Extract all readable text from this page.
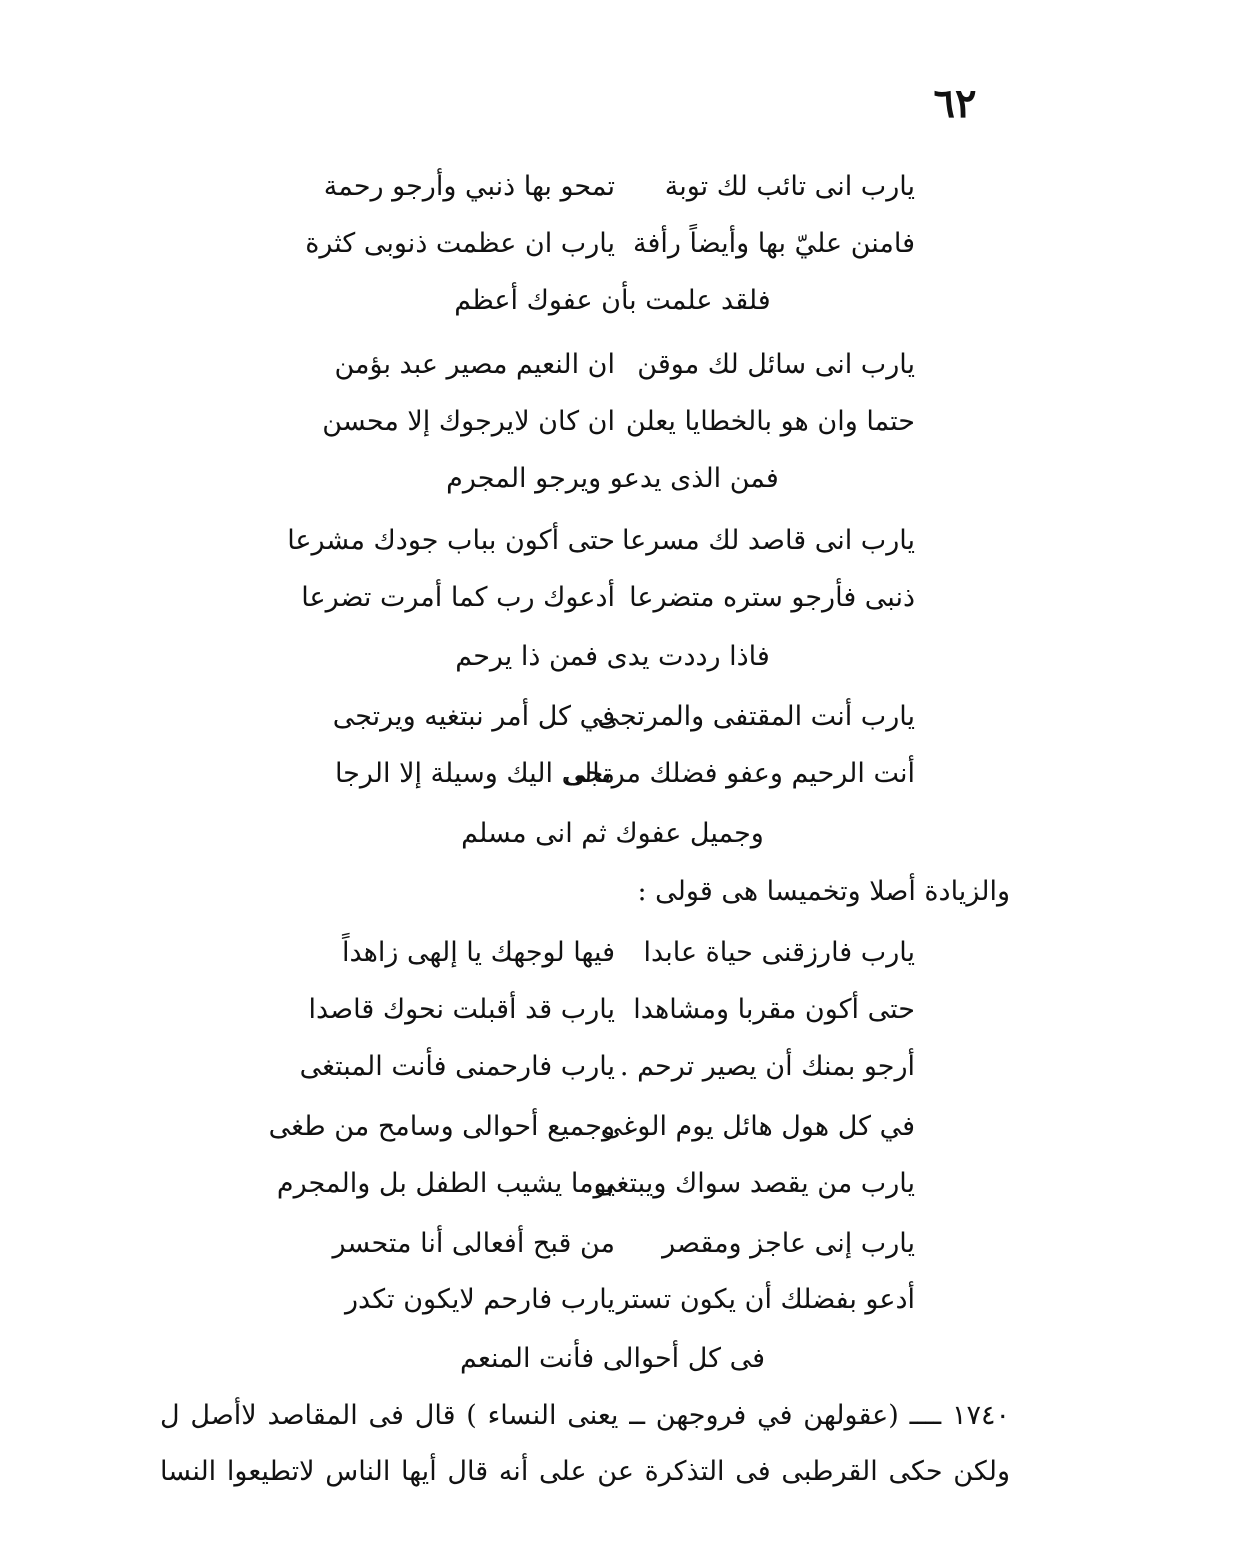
٦٢
يارب انى تائب لك توبة
تمحو بها ذنبي وأرجو رحمة
فامنن عليّ بها وأيضاً رأفة
يارب ان عظمت ذنوبى كثرة
فلقد علمت بأن عفوك أعظم
يارب انى سائل لك موقن
ان النعيم مصير عبد بؤمن
حتما وان هو بالخطايا يعلن
ان كان لايرجوك إلا محسن
فمن الذى يدعو ويرجو المجرم
يارب انى قاصد لك مسرعا
حتى أكون بباب جودك مشرعا
ذنبى فأرجو ستره متضرعا
أدعوك رب كما أمرت تضرعا
فاذا رددت يدى فمن ذا يرحم
يارب أنت المقتفى والمرتجى
في كل أمر نبتغيه ويرتجى
أنت الرحيم وعفو فضلك مرتجى
مالى اليك وسيلة إلا الرجا
وجميل عفوك ثم انى مسلم
والزيادة أصلا وتخميسا هى قولى :
يارب فارزقنى حياة عابدا
فيها لوجهك يا إلهى زاهداً
حتى أكون مقربا ومشاهدا
يارب قد أقبلت نحوك قاصدا
أرجو بمنك أن يصير ترحم .
يارب فارحمنى فأنت المبتغى
في كل هول هائل يوم الوغى
وجميع أحوالى وسامح من طغى
يارب من يقصد سواك ويبتغى
يوما يشيب الطفل بل والمجرم
يارب إنى عاجز ومقصر
من قبح أفعالى أنا متحسر
أدعو بفضلك أن يكون تستر
يارب فارحم لايكون تكدر
فى كل أحوالى فأنت المنعم
١٧٤٠ ــــ (عقولهن في فروجهن ــ يعنى النساء ) قال فى المقاصد لاأصل ل
ولكن حكى القرطبى فى التذكرة عن على أنه قال أيها الناس لاتطيعوا النسا
